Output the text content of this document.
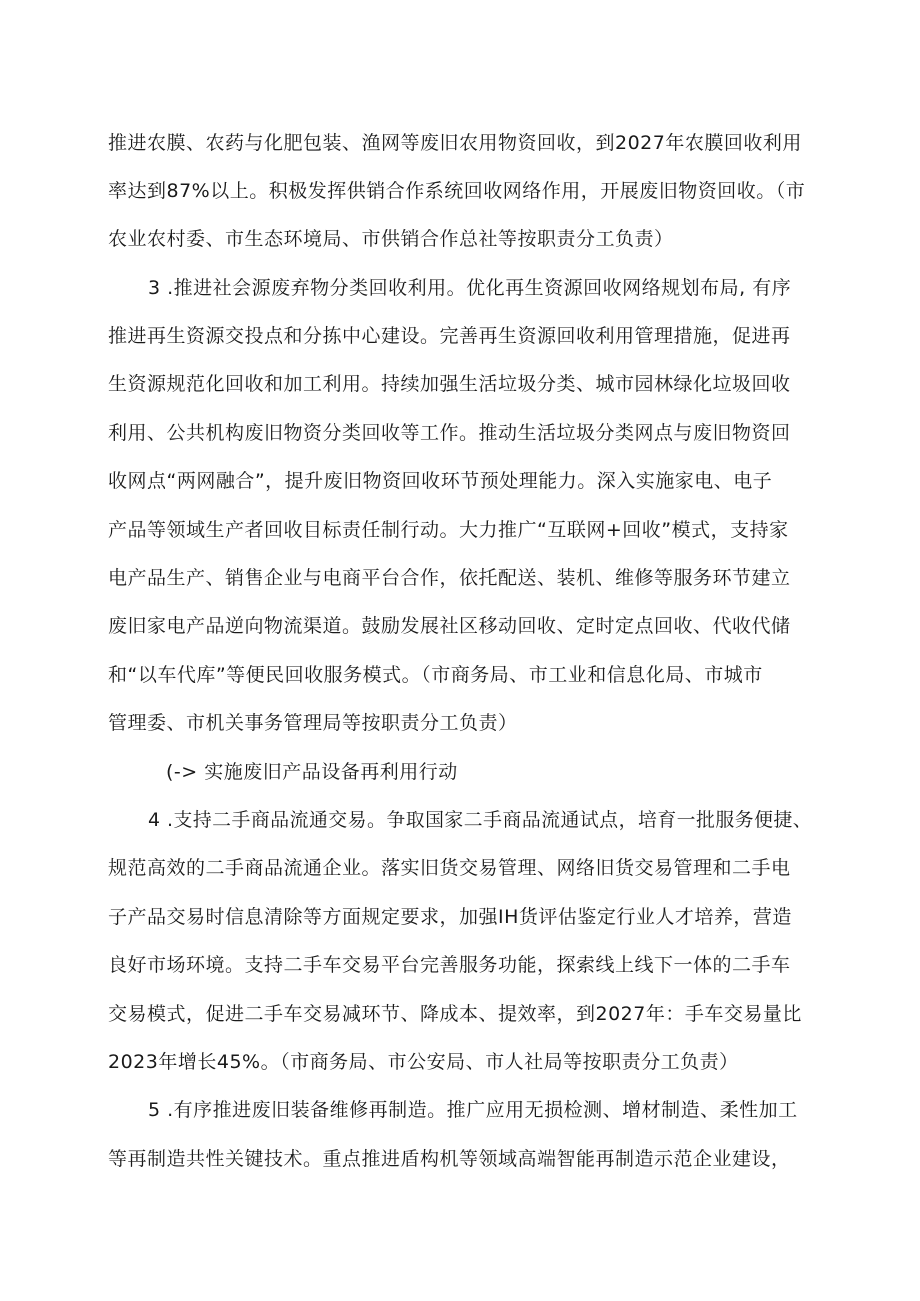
推进农膜、农药与化肥包装、渔网等废旧农用物资回收，到2027年农膜回收利用
率达到87%以上。积极发挥供销合作系统回收网络作用，开展废旧物资回收。（市
农业农村委、市生态环境局、市供销合作总社等按职责分工负责）
3 .推进社会源废弃物分类回收利用。优化再生资源回收网络规划布局, 有序
推进再生资源交投点和分拣中心建设。完善再生资源回收利用管理措施，促进再
生资源规范化回收和加工利用。持续加强生活垃圾分类、城市园林绿化垃圾回收
利用、公共机构废旧物资分类回收等工作。推动生活垃圾分类网点与废旧物资回
收网点“两网融合”，提升废旧物资回收环节预处理能力。深入实施家电、电子
产品等领域生产者回收目标责任制行动。大力推广“互联网+回收”模式，支持家
电产品生产、销售企业与电商平台合作，依托配送、装机、维修等服务环节建立
废旧家电产品逆向物流渠道。鼓励发展社区移动回收、定时定点回收、代收代储
和“以车代库”等便民回收服务模式。（市商务局、市工业和信息化局、市城市
管理委、市机关事务管理局等按职责分工负责）
(-> 实施废旧产品设备再利用行动
4 .支持二手商品流通交易。争取国家二手商品流通试点，培育一批服务便捷、
规范高效的二手商品流通企业。落实旧货交易管理、网络旧货交易管理和二手电
子产品交易时信息清除等方面规定要求，加强IH货评估鉴定行业人才培养，营造
良好市场环境。支持二手车交易平台完善服务功能，探索线上线下一体的二手车
交易模式，促进二手车交易减环节、降成本、提效率，到2027年：手车交易量比
2023年增长45%。（市商务局、市公安局、市人社局等按职责分工负责）
5 .有序推进废旧装备维修再制造。推广应用无损检测、增材制造、柔性加工
等再制造共性关键技术。重点推进盾构机等领域高端智能再制造示范企业建设，
